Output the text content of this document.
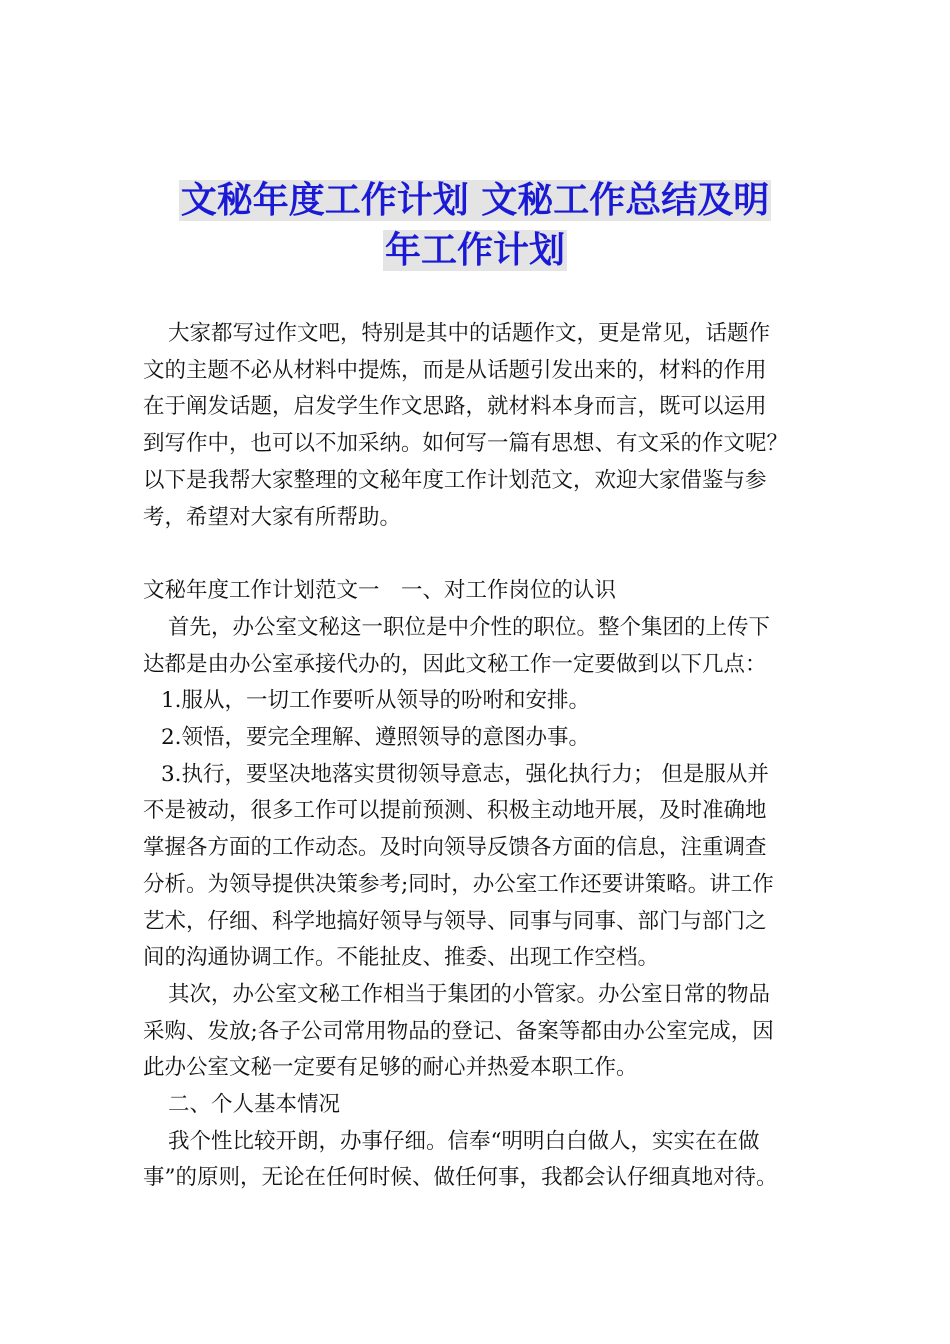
文秘年度工作计划 文秘工作总结及明
年工作计划

大家都写过作文吧，特别是其中的话题作文，更是常见，话题作

文的主题不必从材料中提炼，而是从话题引发出来的，材料的作用

在于阐发话题，启发学生作文思路，就材料本身而言，既可以运用

到写作中，也可以不加采纳。如何写一篇有思想、有文采的作文呢？

以下是我帮大家整理的文秘年度工作计划范文，欢迎大家借鉴与参

考，希望对大家有所帮助。

文秘年度工作计划范文一　一、对工作岗位的认识

首先，办公室文秘这一职位是中介性的职位。整个集团的上传下

达都是由办公室承接代办的，因此文秘工作一定要做到以下几点：

1.服从，一切工作要听从领导的吩咐和安排。

2.领悟，要完全理解、遵照领导的意图办事。

3.执行，要坚决地落实贯彻领导意志，强化执行力； 但是服从并

不是被动，很多工作可以提前预测、积极主动地开展，及时准确地

掌握各方面的工作动态。及时向领导反馈各方面的信息，注重调查

分析。为领导提供决策参考;同时，办公室工作还要讲策略。讲工作

艺术，仔细、科学地搞好领导与领导、同事与同事、部门与部门之

间的沟通协调工作。不能扯皮、推委、出现工作空档。

其次，办公室文秘工作相当于集团的小管家。办公室日常的物品

采购、发放;各子公司常用物品的登记、备案等都由办公室完成，因

此办公室文秘一定要有足够的耐心并热爱本职工作。

二、个人基本情况

我个性比较开朗，办事仔细。信奉“明明白白做人，实实在在做

事”的原则，无论在任何时候、做任何事，我都会认仔细真地对待。
